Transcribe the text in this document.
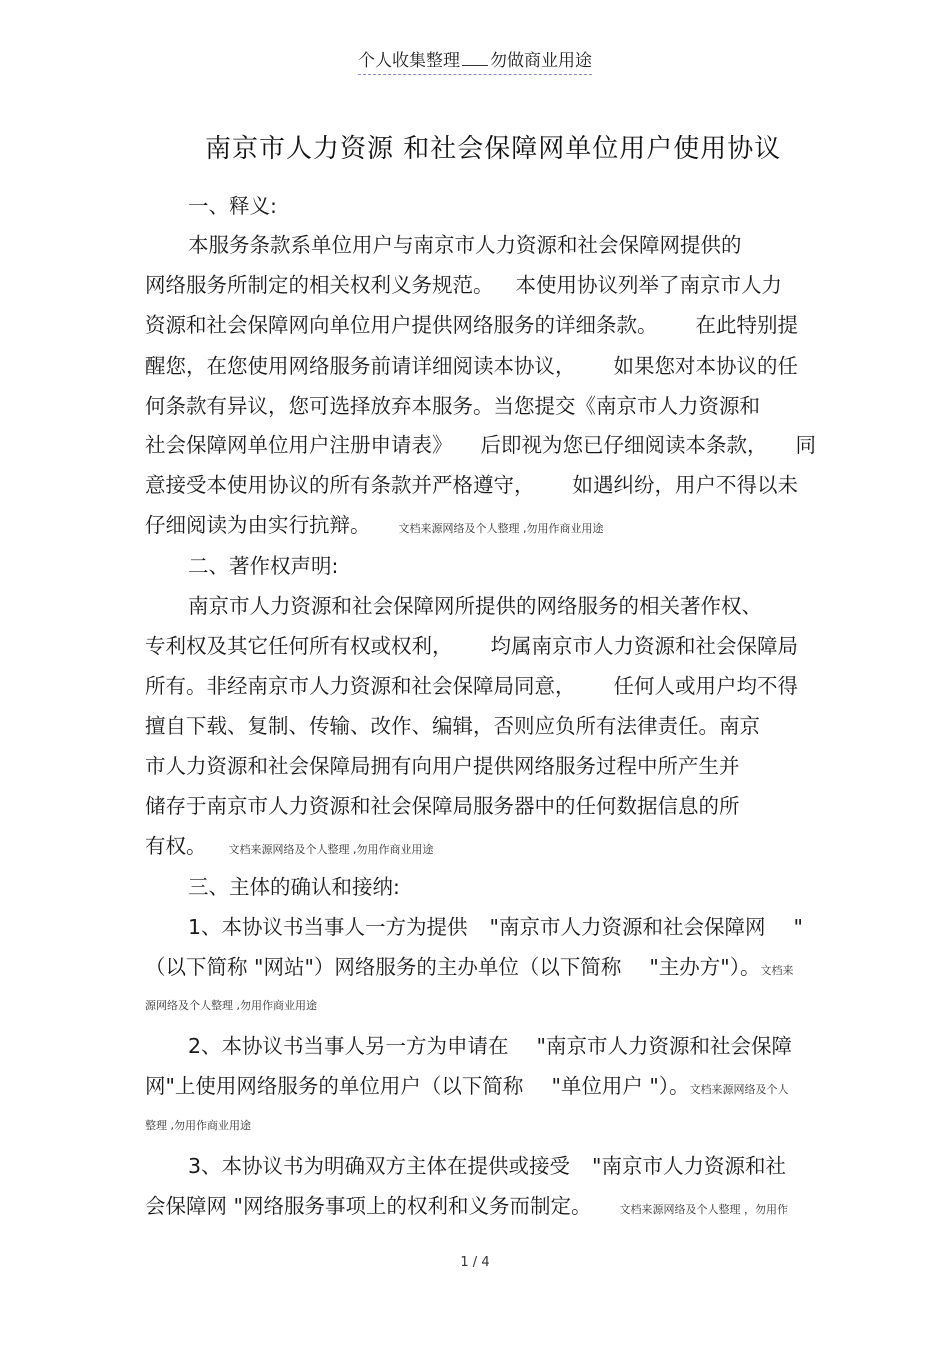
个人收集整理 勿做商业用途
南京市人力资源 和社会保障网单位用户使用协议
一、释义:
本服务条款系单位用户与南京市人力资源和社会保障网提供的
网络服务所制定的相关权利义务规范。 本使用协议列举了南京市人力
资源和社会保障网向单位用户提供网络服务的详细条款。 在此特别提
醒您，在您使用网络服务前请详细阅读本协议， 如果您对本协议的任
何条款有异议，您可选择放弃本服务。当您提交《南京市人力资源和
社会保障网单位用户注册申请表》 后即视为您已仔细阅读本条款， 同
意接受本使用协议的所有条款并严格遵守， 如遇纠纷，用户不得以未
仔细阅读为由实行抗辩。	文档来源网络及个人整理 ,勿用作商业用途
二、著作权声明:
南京市人力资源和社会保障网所提供的网络服务的相关著作权、
专利权及其它任何所有权或权利， 均属南京市人力资源和社会保障局
所有。非经南京市人力资源和社会保障局同意， 任何人或用户均不得
擅自下载、复制、传输、改作、编辑，否则应负所有法律责任。南京
市人力资源和社会保障局拥有向用户提供网络服务过程中所产生并
储存于南京市人力资源和社会保障局服务器中的任何数据信息的所
有权。 文档来源网络及个人整理 ,勿用作商业用途
三、主体的确认和接纳:
1、本协议书当事人一方为提供 "南京市人力资源和社会保障网 "
（以下简称 "网站"）网络服务的主办单位（以下简称 "主办方"）。文档来
源网络及个人整理 ,勿用作商业用途
2、本协议书当事人另一方为申请在 "南京市人力资源和社会保障
网"上使用网络服务的单位用户（以下简称 "单位用户 "）。文档来源网络及个人
整理 ,勿用作商业用途
3、本协议书为明确双方主体在提供或接受 "南京市人力资源和社
会保障网 "网络服务事项上的权利和义务而制定。	文档来源网络及个人整理 ，勿用作
1 / 4
